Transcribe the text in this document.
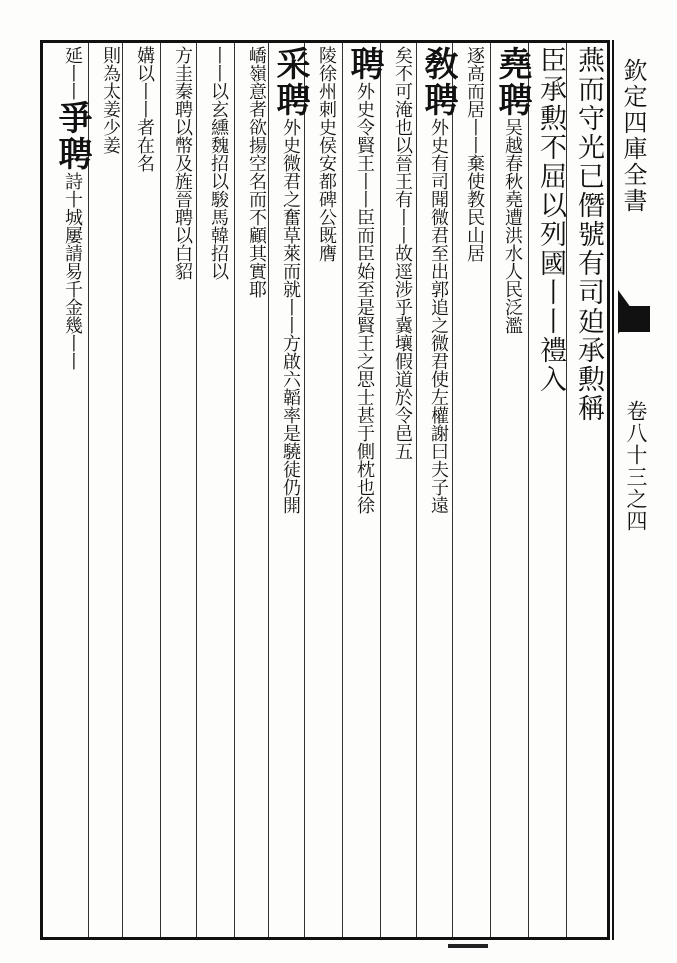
欽定四庫全書
卷八十三之四
燕而守光已僭號有司廹承勲稱
臣承勲不屈以列國丨丨禮入
堯聘吴越春秋堯遭洪水人民泛濫
逐高而居丨丨棄使教民山居
敎聘外史有司聞微君至出郭追之微君使左權謝曰夫子遠
矣不可淹也以晉王有丨丨故逕涉乎冀壤假道於令邑五
聘外史令賢王丨丨臣而臣始至是賢王之思士甚于側枕也徐
陵徐州刺史侯安都碑公既膺
采聘外史微君之奮草萊而就丨丨方啟六韜率是驍徒仍開
嶠嶺意者欲揚空名而不顧其實耶
丨丨以玄纁魏招以駿馬韓招以
方圭秦聘以幣及旌晉聘以白貂
媾以丨丨者在名
則為太姜少姜
延丨丨爭聘詩十城屢請易千金幾丨丨
